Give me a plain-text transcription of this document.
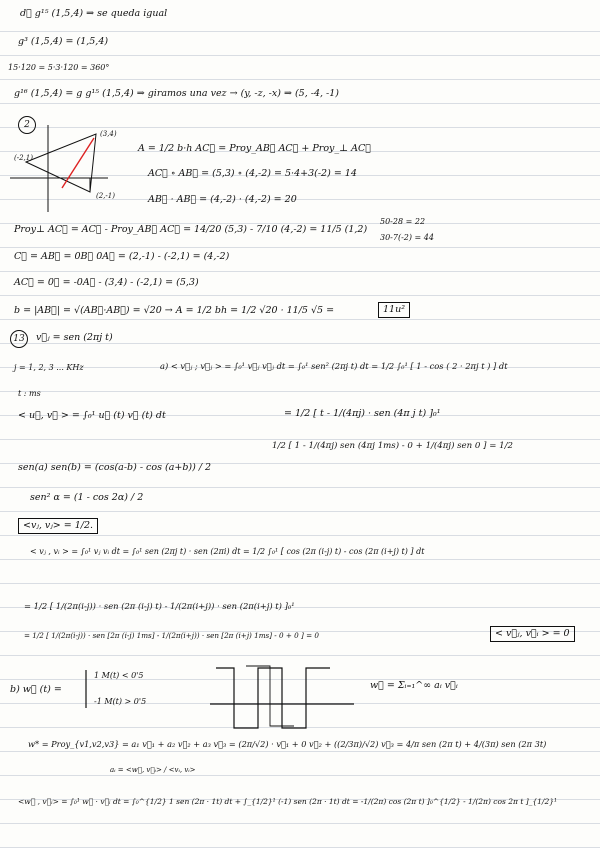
d⃗ g¹⁵ (1,5,4) ⇒ se queda igual
g³ (1,5,4) = (1,5,4)
15·120 = 5·3·120 = 360°
g¹⁶ (1,5,4) = g g¹⁵ (1,5,4) ⇒ giramos una vez → (y, -z, -x) ⇒ (5, -4, -1)
2
(-2,1)
(3,4)
(2,-1)
A = 1/2 b·h AC⃗ = Proy_AB⃗ AC⃗ + Proy_⊥ AC⃗
AC⃗ ∘ AB⃗ = (5,3) ∘ (4,-2) = 5·4+3(-2) = 14
AB⃗ · AB⃗ = (4,-2) · (4,-2) = 20
Proy⊥ AC⃗ = AC⃗ - Proy_AB⃗ AC⃗ = 14/20 (5,3) - 7/10 (4,-2) = 11/5 (1,2)
50-28 = 22
30-7(-2) = 44
C⃗ = AB⃗ = 0B⃗ 0A⃗ = (2,-1) - (-2,1) = (4,-2)
AC⃗ = 0⃗ = -0A⃗ - (3,4) - (-2,1) = (5,3)
b = |AB⃗| = √(AB⃗·AB⃗) = √20 → A = 1/2 bh = 1/2 √20 · 11/5 √5 =	11u²
13	v⃗ⱼ = sen (2πj t)
j = 1, 2, 3 ... KHz	a) < v⃗ⱼ ; v⃗ⱼ > = ∫₀¹ v⃗ⱼ v⃗ⱼ dt = ∫₀¹ sen² (2πj t) dt = 1/2 ∫₀¹ [ 1 - cos ( 2 · 2πj t ) ] dt
t : ms
< u⃗, v⃗ > = ∫₀¹ u⃗ (t) v⃗ (t) dt	= 1/2 [ t - 1/(4πj) · sen (4π j t) ]₀¹
1/2 [ 1 - 1/(4πj) sen (4πj 1ms) - 0 + 1/(4πj) sen 0 ] = 1/2
sen(a) sen(b) = (cos(a-b) - cos (a+b)) / 2
sen² α = (1 - cos 2α) / 2
<vⱼ, vⱼ> = 1/2.
< vⱼ , vᵢ > = ∫₀¹ vⱼ vᵢ dt = ∫₀¹ sen (2πj t) · sen (2πi) dt = 1/2 ∫₀¹ [ cos (2π (i-j) t) - cos (2π (i+j) t) ] dt
= 1/2 [ 1/(2π(i-j)) · sen (2π (i-j) t) - 1/(2π(i+j)) · sen (2π(i+j) t) ]₀¹
= 1/2 [ 1/(2π(i-j)) · sen [2π (i-j) 1ms] - 1/(2π(i+j)) · sen [2π (i+j) 1ms] - 0 + 0 ] = 0	< v⃗ⱼ, v⃗ᵢ > = 0
b) w⃗ (t) =
1 M(t) < 0'5
-1 M(t) > 0'5
w⃗ = Σᵢ₌₁^∞ aᵢ v⃗ᵢ
w* = Proy_{v1,v2,v3} = a₁ v⃗₁ + a₂ v⃗₂ + a₃ v⃗₃ = (2π/√2) · v⃗₁ + 0 v⃗₂ + ((2/3π)/√2) v⃗₃ = 4/π sen (2π t) + 4/(3π) sen (2π 3t)
aᵢ = <w⃗, v⃗ᵢ> / <vᵢ, vᵢ>
<w⃗ , v⃗ᵢ> = ∫₀¹ w⃗ · v⃗ᵢ dt = ∫₀^{1/2} 1 sen (2π · 1t) dt + ∫_{1/2}¹ (-1) sen (2π · 1t) dt = -1/(2π) cos (2π t) ]₀^{1/2} - 1/(2π) cos 2π t ]_{1/2}¹
